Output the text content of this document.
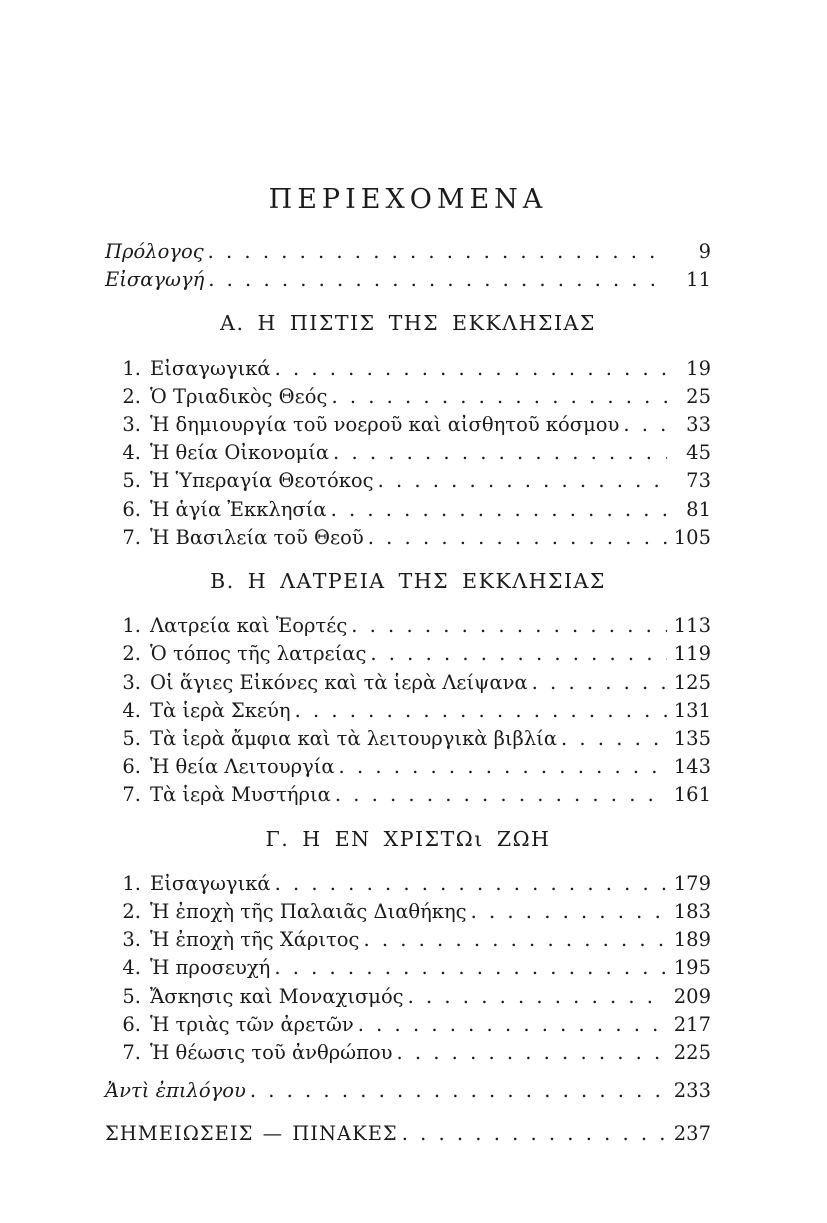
ΠΕΡΙΕΧΟΜΕΝΑ
Πρόλογος . . .	9
Εἰσαγωγή . . .	11
Α. Η ΠΙΣΤΙΣ ΤΗΣ ΕΚΚΛΗΣΙΑΣ
1. Εἰσαγωγικά . . .	19
2. Ὁ Τριαδικὸς Θεός . . .	25
3. Ἡ δημιουργία τοῦ νοεροῦ καὶ αἰσθητοῦ κόσμου . . .	33
4. Ἡ θεία Οἰκονομία . . .	45
5. Ἡ Ὑπεραγία Θεοτόκος . . .	73
6. Ἡ ἁγία Ἐκκλησία . . .	81
7. Ἡ Βασιλεία τοῦ Θεοῦ . . .	105
Β. Η ΛΑΤΡΕΙΑ ΤΗΣ ΕΚΚΛΗΣΙΑΣ
1. Λατρεία καὶ Ἑορτές . . .	113
2. Ὁ τόπος τῆς λατρείας . . .	119
3. Οἱ ἅγιες Εἰκόνες καὶ τὰ ἱερὰ Λείψανα . . .	125
4. Τὰ ἱερὰ Σκεύη . . .	131
5. Τὰ ἱερὰ ἄμφια καὶ τὰ λειτουργικὰ βιβλία . . .	135
6. Ἡ θεία Λειτουργία . . .	143
7. Τὰ ἱερὰ Μυστήρια . . .	161
Γ. Η ΕΝ ΧΡΙΣΤΩι ΖΩΗ
1. Εἰσαγωγικά . . .	179
2. Ἡ ἐποχὴ τῆς Παλαιᾶς Διαθήκης . . .	183
3. Ἡ ἐποχὴ τῆς Χάριτος . . .	189
4. Ἡ προσευχή . . .	195
5. Ἄσκησις καὶ Μοναχισμός . . .	209
6. Ἡ τριὰς τῶν ἀρετῶν . . .	217
7. Ἡ θέωσις τοῦ ἀνθρώπου . . .	225
Ἀντὶ ἐπιλόγου . . .	233
ΣΗΜΕΙΩΣΕΙΣ — ΠΙΝΑΚΕΣ . . .	237
